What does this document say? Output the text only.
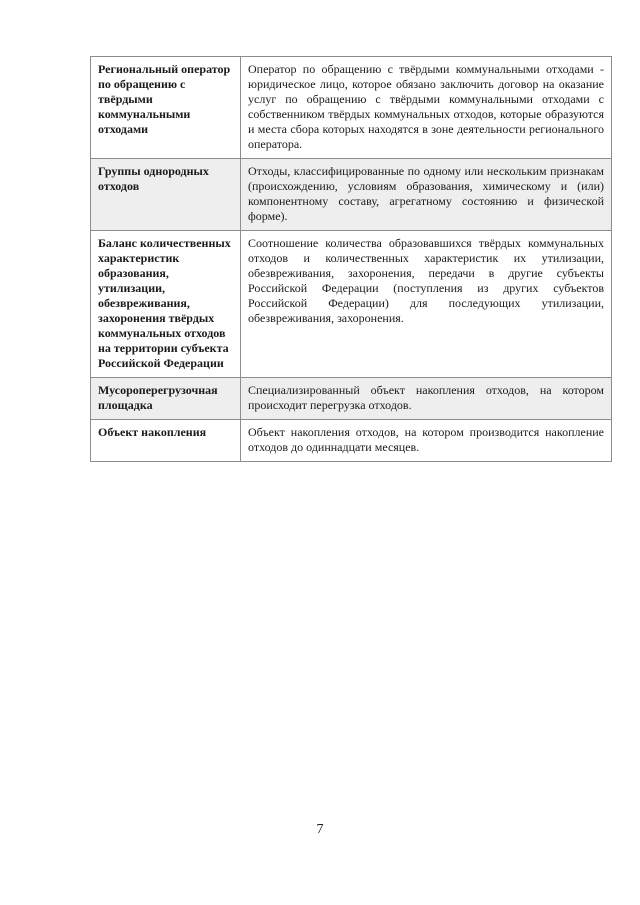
Региональный оператор по обращению с твёрдыми коммунальными отходами	Оператор по обращению с твёрдыми коммунальными отходами - юридическое лицо, которое обязано заключить договор на оказание услуг по обращению с твёрдыми коммунальными отходами с собственником твёрдых коммунальных отходов, которые образуются и места сбора которых находятся в зоне деятельности регионального оператора.
Группы однородных отходов	Отходы, классифицированные по одному или нескольким признакам (происхождению, условиям образования, химическому и (или) компонентному составу, агрегатному состоянию и физической форме).
Баланс количественных характеристик образования, утилизации, обезвреживания, захоронения твёрдых коммунальных отходов на территории субъекта Российской Федерации	Соотношение количества образовавшихся твёрдых коммунальных отходов и количественных характеристик их утилизации, обезвреживания, захоронения, передачи в другие субъекты Российской Федерации (поступления из других субъектов Российской Федерации) для последующих утилизации, обезвреживания, захоронения.
Мусороперегрузочная площадка	Специализированный объект накопления отходов, на котором происходит перегрузка отходов.
Объект накопления	Объект накопления отходов, на котором производится накопление отходов до одиннадцати месяцев.
7
